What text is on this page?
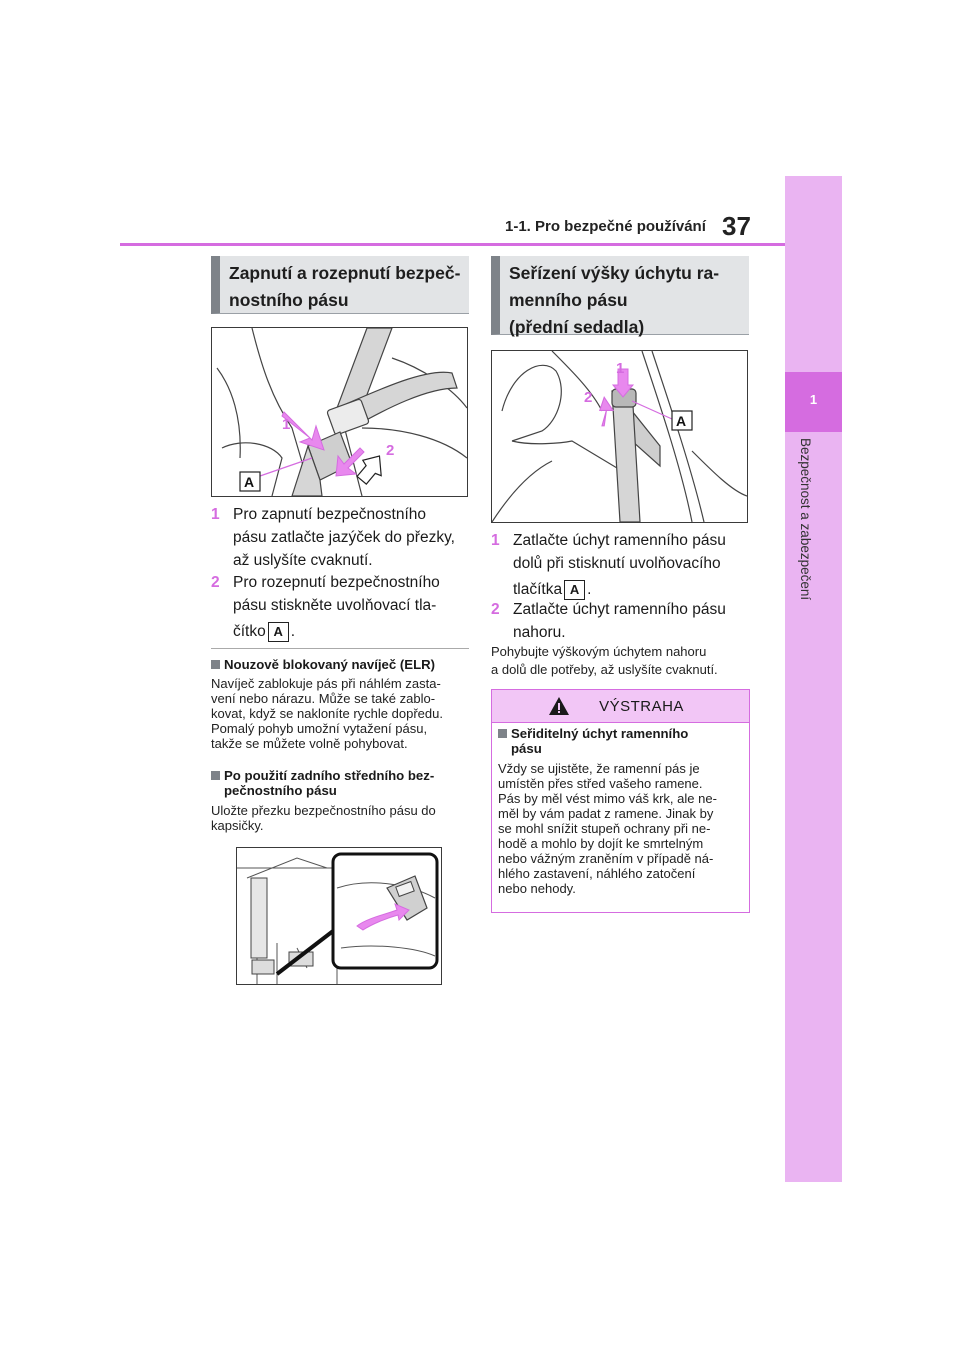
1
Bezpečnost a zabezpečení
1-1. Pro bezpečné používání 37
Zapnutí a rozepnutí bezpeč-
nostního pásu
1
2
A
1 Pro zapnutí bezpečnostního
pásu zatlačte jazýček do přezky,
až uslyšíte cvaknutí.
2 Pro rozepnutí bezpečnostního
pásu stiskněte uvolňovací tla-
čítko A .
Nouzově blokovaný navíječ (ELR)
Navíječ zablokuje pás při náhlém zasta-
vení nebo nárazu. Může se také zablo-
kovat, když se nakloníte rychle dopředu.
Pomalý pohyb umožní vytažení pásu,
takže se můžete volně pohybovat.
Po použití zadního středního bez-
pečnostního pásu
Uložte přezku bezpečnostního pásu do
kapsičky.
Seřízení výšky úchytu ra-
menního pásu
(přední sedadla)
1
2
A
1 Zatlačte úchyt ramenního pásu
dolů při stisknutí uvolňovacího
tlačítka A .
2 Zatlačte úchyt ramenního pásu
nahoru.
Pohybujte výškovým úchytem nahoru
a dolů dle potřeby, až uslyšíte cvaknutí.
VÝSTRAHA
Seřiditelný úchyt ramenního
pásu
Vždy se ujistěte, že ramenní pás je
umístěn přes střed vašeho ramene.
Pás by měl vést mimo váš krk, ale ne-
měl by vám padat z ramene. Jinak by
se mohl snížit stupeň ochrany při ne-
hodě a mohlo by dojít ke smrtelným
nebo vážným zraněním v případě ná-
hlého zastavení, náhlého zatočení
nebo nehody.
